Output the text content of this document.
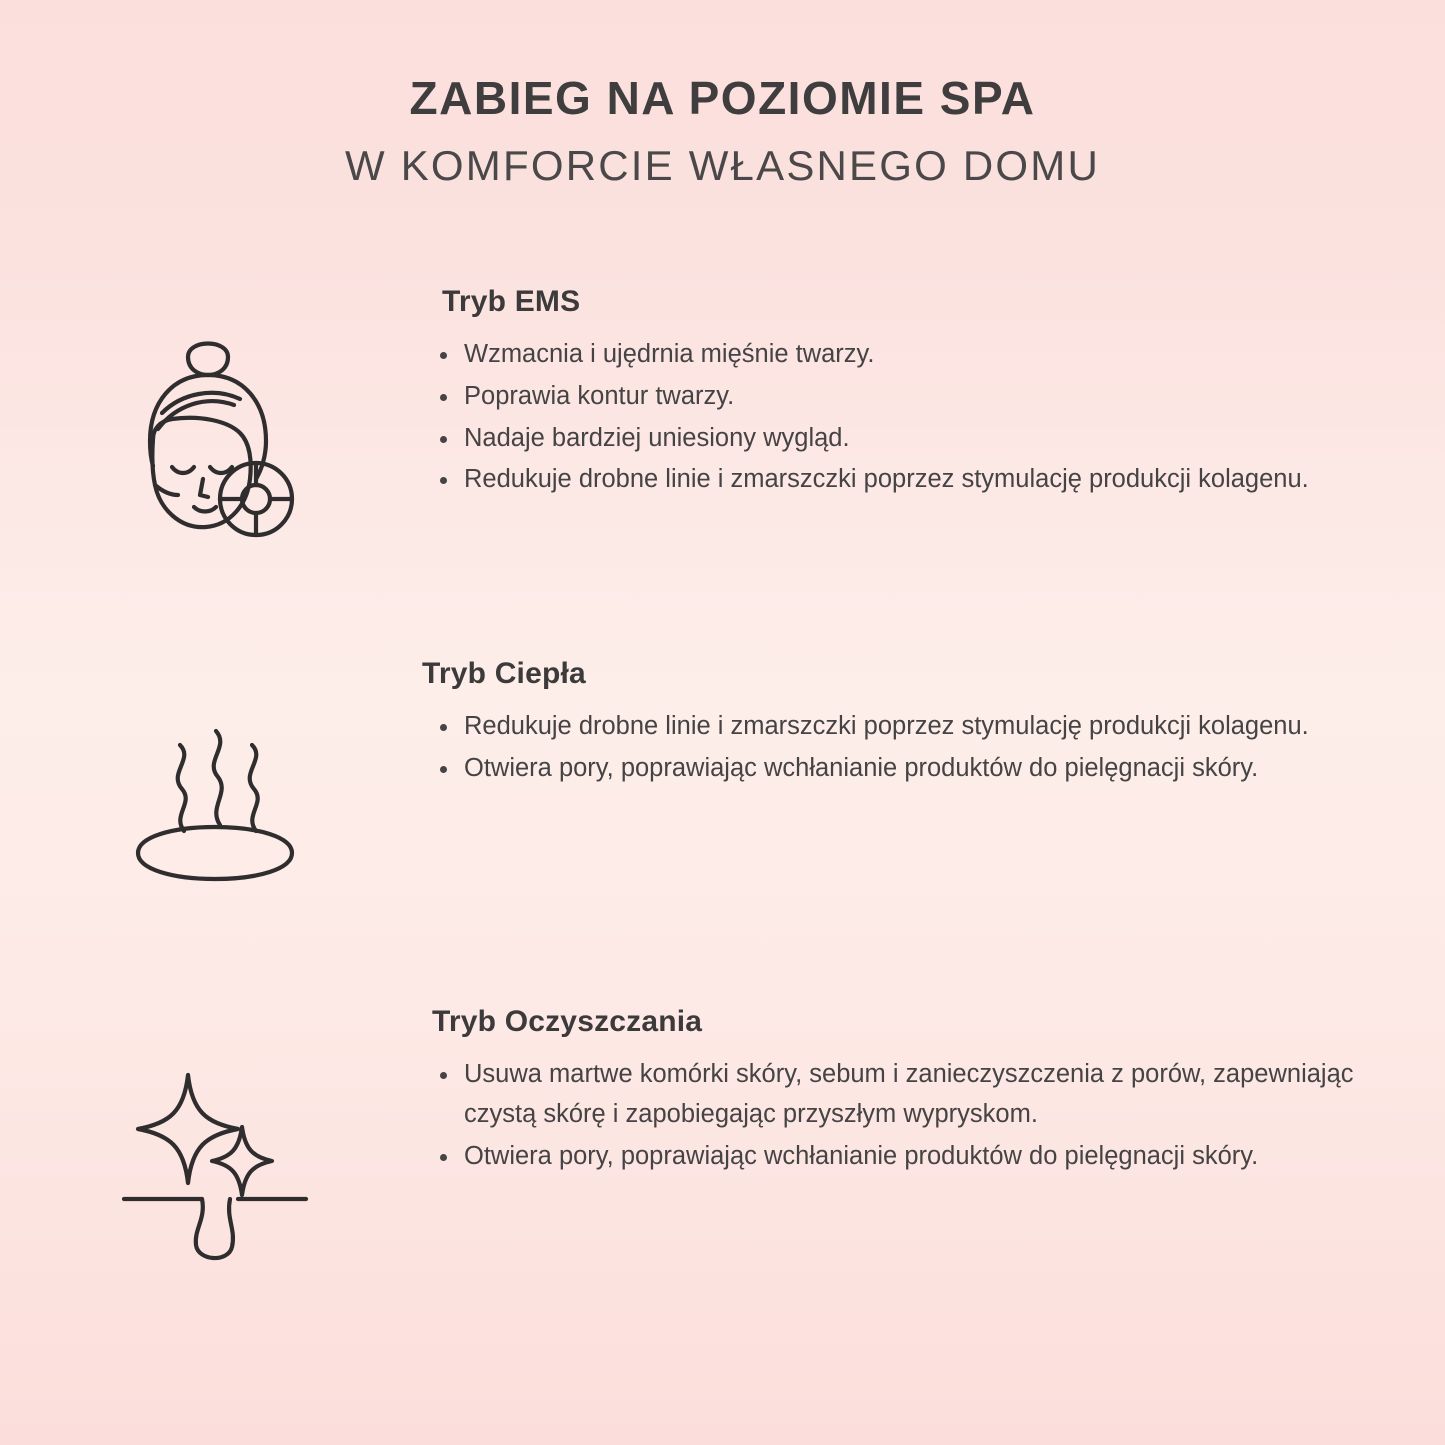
ZABIEG NA POZIOMIE SPA
W KOMFORCIE WŁASNEGO DOMU
Tryb EMS
Wzmacnia i ujędrnia mięśnie twarzy.
Poprawia kontur twarzy.
Nadaje bardziej uniesiony wygląd.
Redukuje drobne linie i zmarszczki poprzez stymulację produkcji kolagenu.
Tryb Ciepła
Redukuje drobne linie i zmarszczki poprzez stymulację produkcji kolagenu.
Otwiera pory, poprawiając wchłanianie produktów do pielęgnacji skóry.
Tryb Oczyszczania
Usuwa martwe komórki skóry, sebum i zanieczyszczenia z porów, zapewniając czystą skórę i zapobiegając przyszłym wypryskom.
Otwiera pory, poprawiając wchłanianie produktów do pielęgnacji skóry.
